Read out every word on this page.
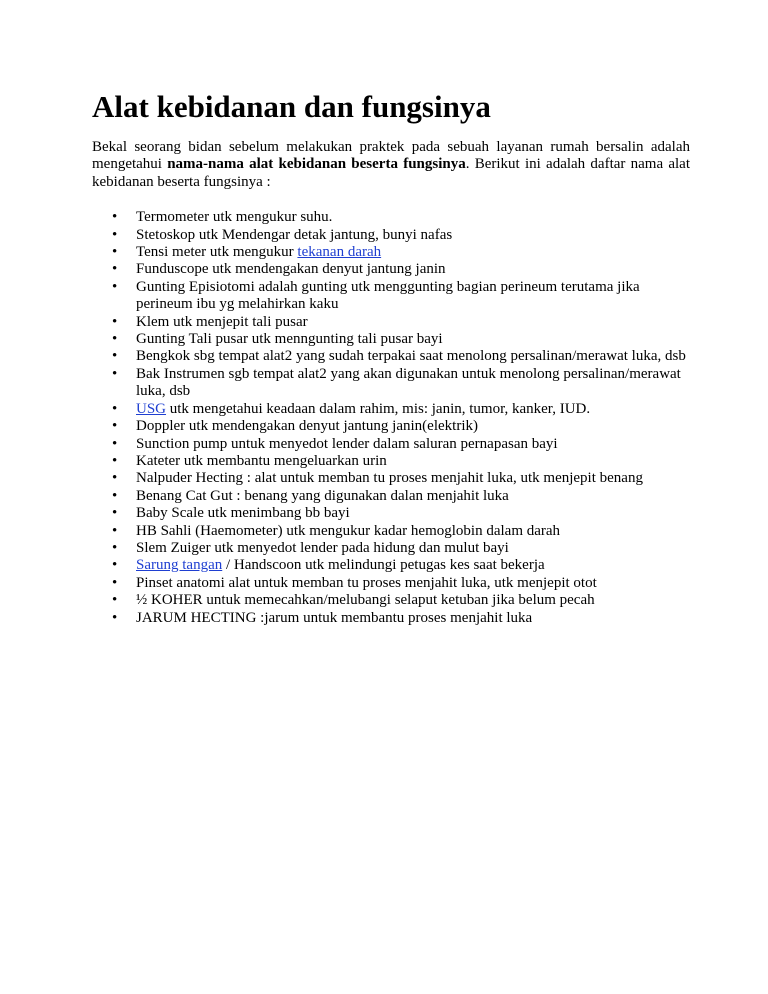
Alat kebidanan dan fungsinya

Bekal seorang bidan sebelum melakukan praktek pada sebuah layanan rumah bersalin adalah mengetahui nama-nama alat kebidanan beserta fungsinya. Berikut ini adalah daftar nama alat kebidanan beserta fungsinya :

•	Termometer utk mengukur suhu.
•	Stetoskop utk Mendengar detak jantung, bunyi nafas
•	Tensi meter utk mengukur tekanan darah
•	Funduscope utk mendengakan denyut jantung janin
•	Gunting Episiotomi adalah gunting utk menggunting bagian perineum terutama jika perineum ibu yg melahirkan kaku
•	Klem utk menjepit tali pusar
•	Gunting Tali pusar utk menngunting tali pusar bayi
•	Bengkok sbg tempat alat2 yang sudah terpakai saat menolong persalinan/merawat luka, dsb
•	Bak Instrumen sgb tempat alat2 yang akan digunakan untuk menolong persalinan/merawat luka, dsb
•	USG utk mengetahui keadaan dalam rahim, mis: janin, tumor, kanker, IUD.
•	Doppler utk mendengakan denyut jantung janin(elektrik)
•	Sunction pump untuk menyedot lender dalam saluran pernapasan bayi
•	Kateter utk membantu mengeluarkan urin
•	Nalpuder Hecting : alat untuk memban tu proses menjahit luka, utk menjepit benang
•	Benang Cat Gut : benang yang digunakan dalan menjahit luka
•	Baby Scale utk menimbang bb bayi
•	HB Sahli (Haemometer) utk mengukur kadar hemoglobin dalam darah
•	Slem Zuiger utk menyedot lender pada hidung dan mulut bayi
•	Sarung tangan / Handscoon utk melindungi petugas kes saat bekerja
•	Pinset anatomi alat untuk memban tu proses menjahit luka, utk menjepit otot
•	½ KOHER untuk memecahkan/melubangi selaput ketuban jika belum pecah
•	JARUM HECTING :jarum untuk membantu proses menjahit luka
